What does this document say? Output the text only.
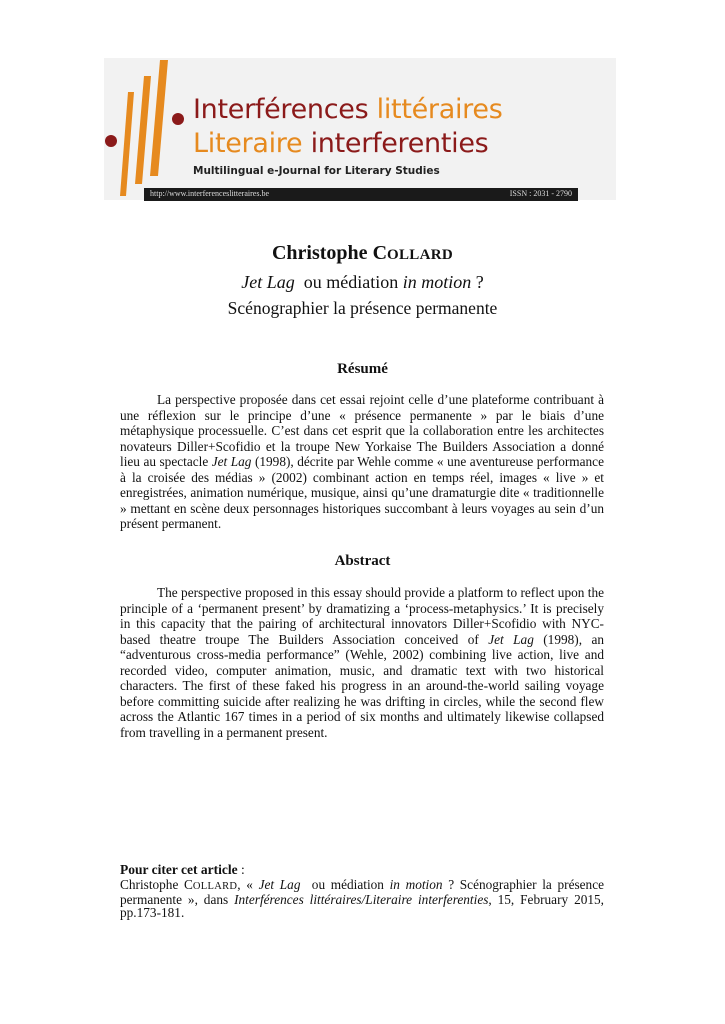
Interférences littéraires
Literaire interferenties
Multilingual e-Journal for Literary Studies
http://www.interferenceslitteraires.be	ISSN : 2031 - 2790
Christophe COLLARD
Jet Lag  ou médiation in motion ?
Scénographier la présence permanente
Résumé
La perspective proposée dans cet essai rejoint celle d’une plateforme contribuant à une réflexion sur le principe d’une « présence permanente » par le biais d’une métaphysique processuelle. C’est dans cet esprit que la collaboration entre les architectes novateurs Diller+Scofidio et la troupe New Yorkaise The Builders Association a donné lieu au spectacle Jet Lag (1998), décrite par Wehle comme « une aventureuse performance à la croisée des médias » (2002) combinant action en temps réel, images « live » et enregistrées, animation numérique, musique, ainsi qu’une dramaturgie dite « traditionnelle » mettant en scène deux personnages historiques succombant à leurs voyages au sein d’un présent permanent.
Abstract
The perspective proposed in this essay should provide a platform to reflect upon the principle of a ‘permanent present’ by dramatizing a ‘process-metaphysics.’ It is precisely in this capacity that the pairing of architectural innovators Diller+Scofidio with NYC-based theatre troupe The Builders Association conceived of Jet Lag (1998), an “adventurous cross-media performance” (Wehle, 2002) combining live action, live and recorded video, computer animation, music, and dramatic text with two historical characters. The first of these faked his progress in an around-the-world sailing voyage before committing suicide after realizing he was drifting in circles, while the second flew across the Atlantic 167 times in a period of six months and ultimately likewise collapsed from travelling in a permanent present.
Pour citer cet article :
Christophe COLLARD, « Jet Lag  ou médiation in motion ? Scénographier la présence permanente », dans Interférences littéraires/Literaire interferenties, 15, February 2015, pp.173-181.
